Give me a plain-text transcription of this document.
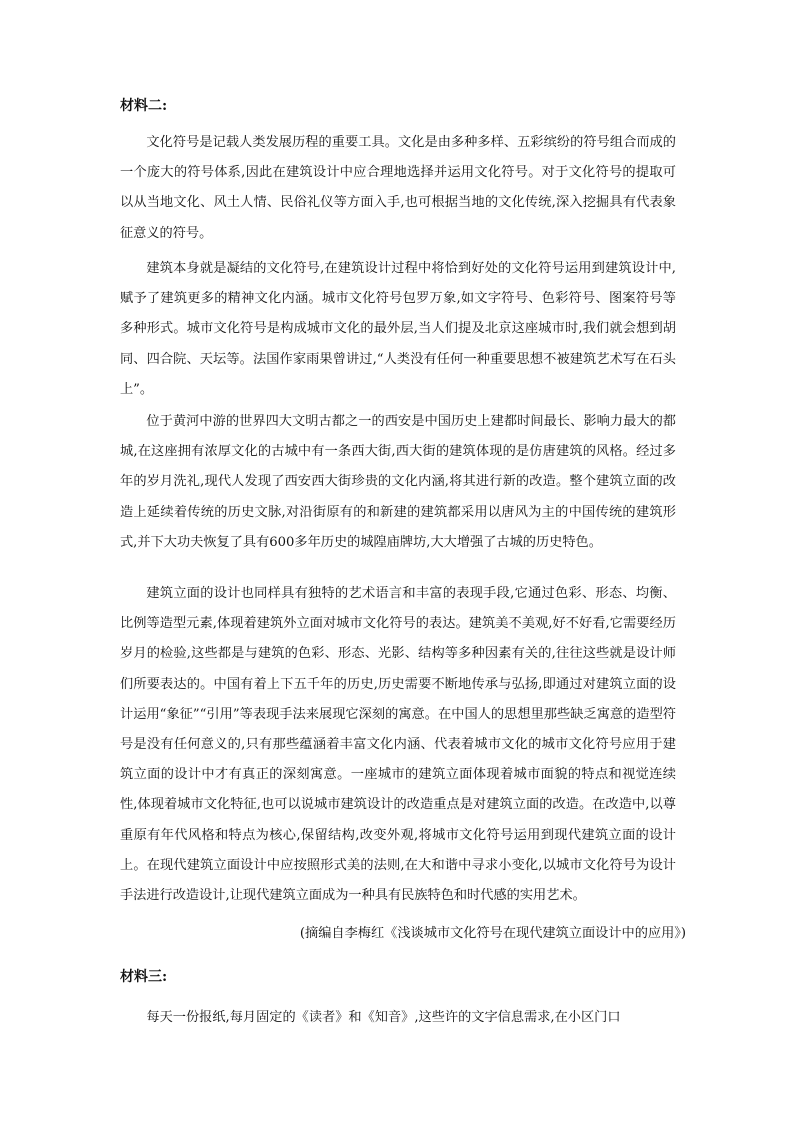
材料二:

文化符号是记载人类发展历程的重要工具。文化是由多种多样、五彩缤纷的符号组合而成的一个庞大的符号体系,因此在建筑设计中应合理地选择并运用文化符号。对于文化符号的提取可以从当地文化、风土人情、民俗礼仪等方面入手,也可根据当地的文化传统,深入挖掘具有代表象征意义的符号。

建筑本身就是凝结的文化符号,在建筑设计过程中将恰到好处的文化符号运用到建筑设计中,赋予了建筑更多的精神文化内涵。城市文化符号包罗万象,如文字符号、色彩符号、图案符号等多种形式。城市文化符号是构成城市文化的最外层,当人们提及北京这座城市时,我们就会想到胡同、四合院、天坛等。法国作家雨果曾讲过,“人类没有任何一种重要思想不被建筑艺术写在石头上”。

位于黄河中游的世界四大文明古都之一的西安是中国历史上建都时间最长、影响力最大的都城,在这座拥有浓厚文化的古城中有一条西大街,西大街的建筑体现的是仿唐建筑的风格。经过多年的岁月洗礼,现代人发现了西安西大街珍贵的文化内涵,将其进行新的改造。整个建筑立面的改造上延续着传统的历史文脉,对沿街原有的和新建的建筑都采用以唐风为主的中国传统的建筑形式,并下大功夫恢复了具有600多年历史的城隍庙牌坊,大大增强了古城的历史特色。

建筑立面的设计也同样具有独特的艺术语言和丰富的表现手段,它通过色彩、形态、均衡、比例等造型元素,体现着建筑外立面对城市文化符号的表达。建筑美不美观,好不好看,它需要经历岁月的检验,这些都是与建筑的色彩、形态、光影、结构等多种因素有关的,往往这些就是设计师们所要表达的。中国有着上下五千年的历史,历史需要不断地传承与弘扬,即通过对建筑立面的设计运用“象征”“引用”等表现手法来展现它深刻的寓意。在中国人的思想里那些缺乏寓意的造型符号是没有任何意义的,只有那些蕴涵着丰富文化内涵、代表着城市文化的城市文化符号应用于建筑立面的设计中才有真正的深刻寓意。一座城市的建筑立面体现着城市面貌的特点和视觉连续性,体现着城市文化特征,也可以说城市建筑设计的改造重点是对建筑立面的改造。在改造中,以尊重原有年代风格和特点为核心,保留结构,改变外观,将城市文化符号运用到现代建筑立面的设计上。在现代建筑立面设计中应按照形式美的法则,在大和谐中寻求小变化,以城市文化符号为设计手法进行改造设计,让现代建筑立面成为一种具有民族特色和时代感的实用艺术。

(摘编自李梅红《浅谈城市文化符号在现代建筑立面设计中的应用》)
材料三:

每天一份报纸,每月固定的《读者》和《知音》,这些许的文字信息需求,在小区门口
